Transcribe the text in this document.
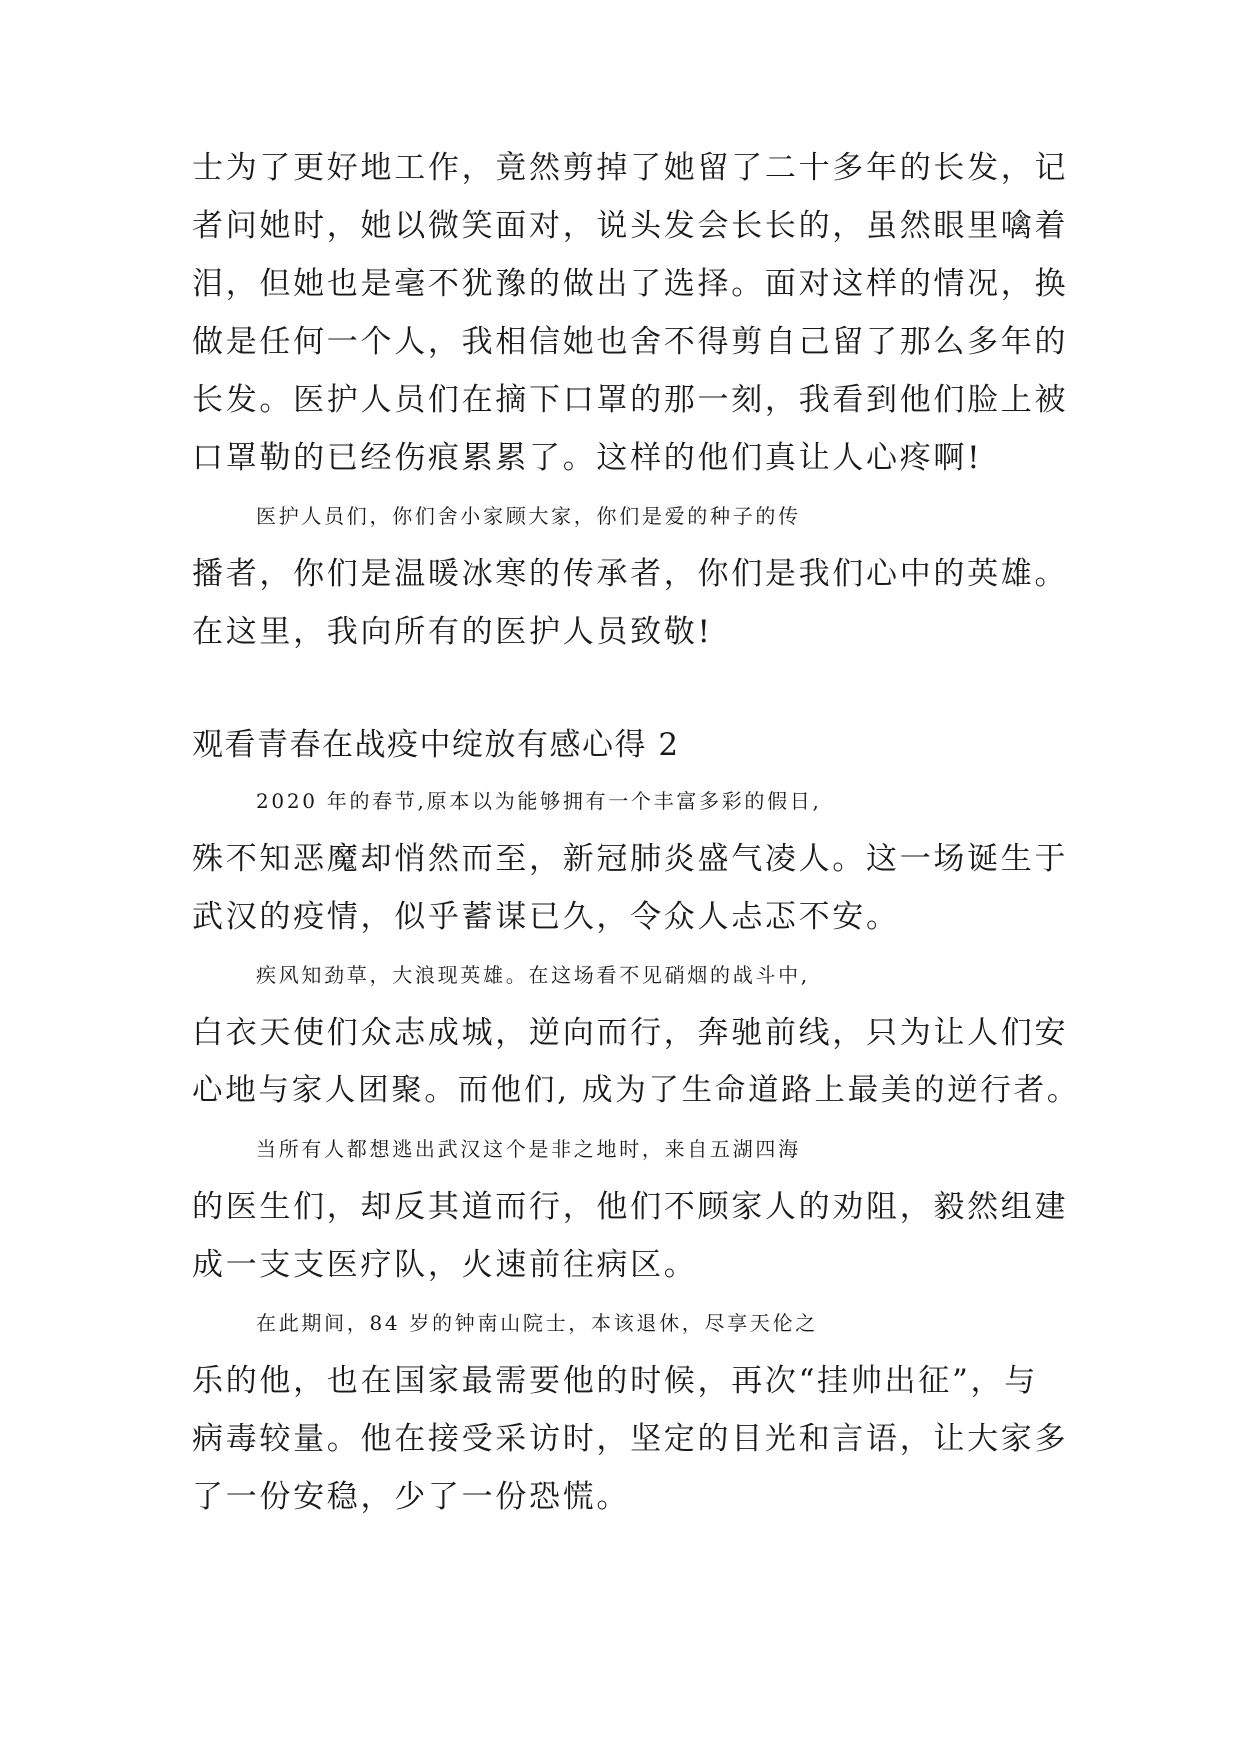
士为了更好地工作，竟然剪掉了她留了二十多年的长发，记
者问她时，她以微笑面对，说头发会长长的，虽然眼里噙着
泪，但她也是毫不犹豫的做出了选择。面对这样的情况，换
做是任何一个人，我相信她也舍不得剪自己留了那么多年的
长发。医护人员们在摘下口罩的那一刻，我看到他们脸上被
口罩勒的已经伤痕累累了。这样的他们真让人心疼啊!
医护人员们，你们舍小家顾大家，你们是爱的种子的传
播者，你们是温暖冰寒的传承者，你们是我们心中的英雄。
在这里，我向所有的医护人员致敬!
观看青春在战疫中绽放有感心得 2
2020 年的春节,原本以为能够拥有一个丰富多彩的假日,
殊不知恶魔却悄然而至，新冠肺炎盛气凌人。这一场诞生于
武汉的疫情，似乎蓄谋已久，令众人忐忑不安。
疾风知劲草，大浪现英雄。在这场看不见硝烟的战斗中,
白衣天使们众志成城，逆向而行，奔驰前线，只为让人们安
心地与家人团聚。而他们, 成为了生命道路上最美的逆行者。
当所有人都想逃出武汉这个是非之地时，来自五湖四海
的医生们，却反其道而行，他们不顾家人的劝阻，毅然组建
成一支支医疗队，火速前往病区。
在此期间，84 岁的钟南山院士，本该退休，尽享天伦之
乐的他，也在国家最需要他的时候，再次“挂帅出征”，与
病毒较量。他在接受采访时，坚定的目光和言语，让大家多
了一份安稳，少了一份恐慌。
